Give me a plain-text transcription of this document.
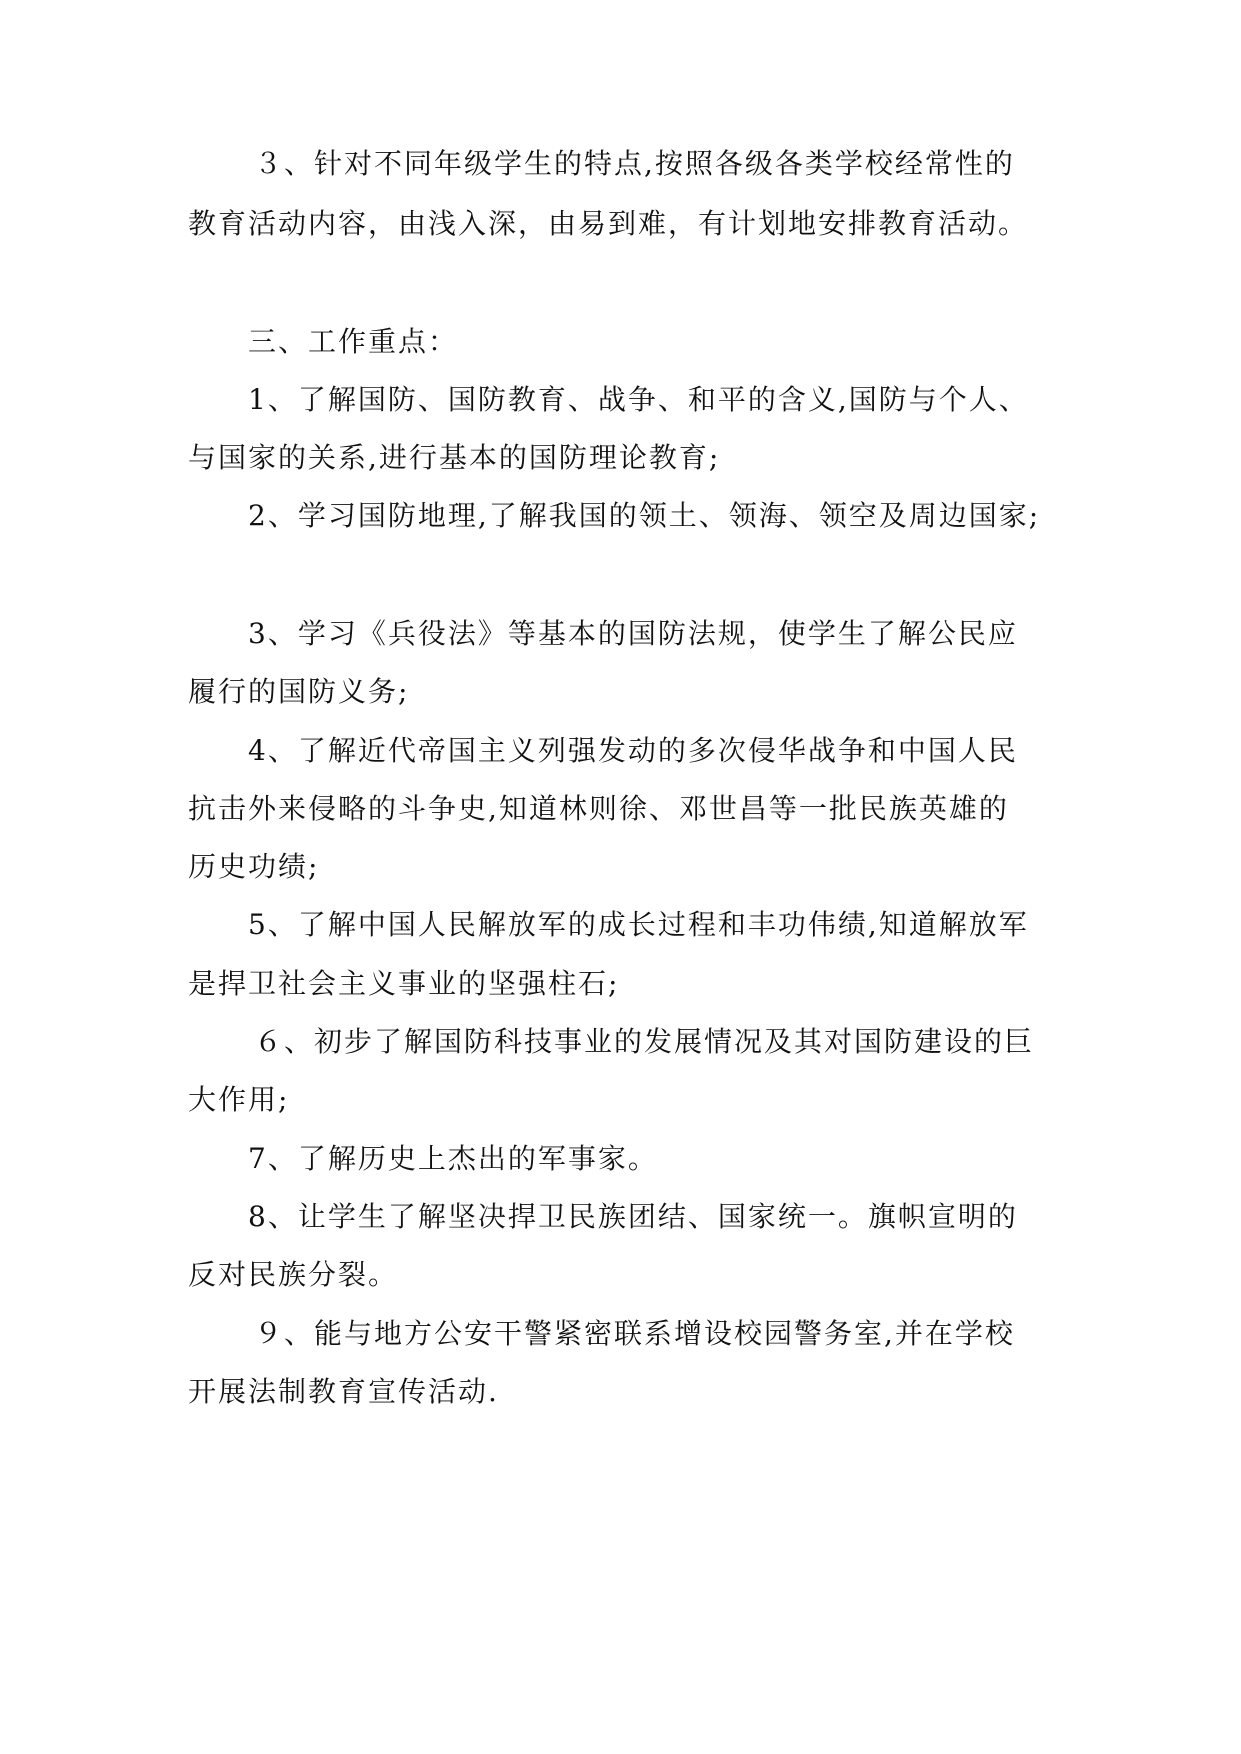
３、针对不同年级学生的特点,按照各级各类学校经常性的
教育活动内容，由浅入深，由易到难，有计划地安排教育活动。
三、工作重点：
1、了解国防、国防教育、战争、和平的含义,国防与个人、
与国家的关系,进行基本的国防理论教育;
2、学习国防地理,了解我国的领土、领海、领空及周边国家;
3、学习《兵役法》等基本的国防法规，使学生了解公民应
履行的国防义务;
4、了解近代帝国主义列强发动的多次侵华战争和中国人民
抗击外来侵略的斗争史,知道林则徐、邓世昌等一批民族英雄的
历史功绩;
5、了解中国人民解放军的成长过程和丰功伟绩,知道解放军
是捍卫社会主义事业的坚强柱石;
６、初步了解国防科技事业的发展情况及其对国防建设的巨
大作用;
7、了解历史上杰出的军事家。
8、让学生了解坚决捍卫民族团结、国家统一。旗帜宣明的
反对民族分裂。
９、能与地方公安干警紧密联系增设校园警务室,并在学校
开展法制教育宣传活动.
